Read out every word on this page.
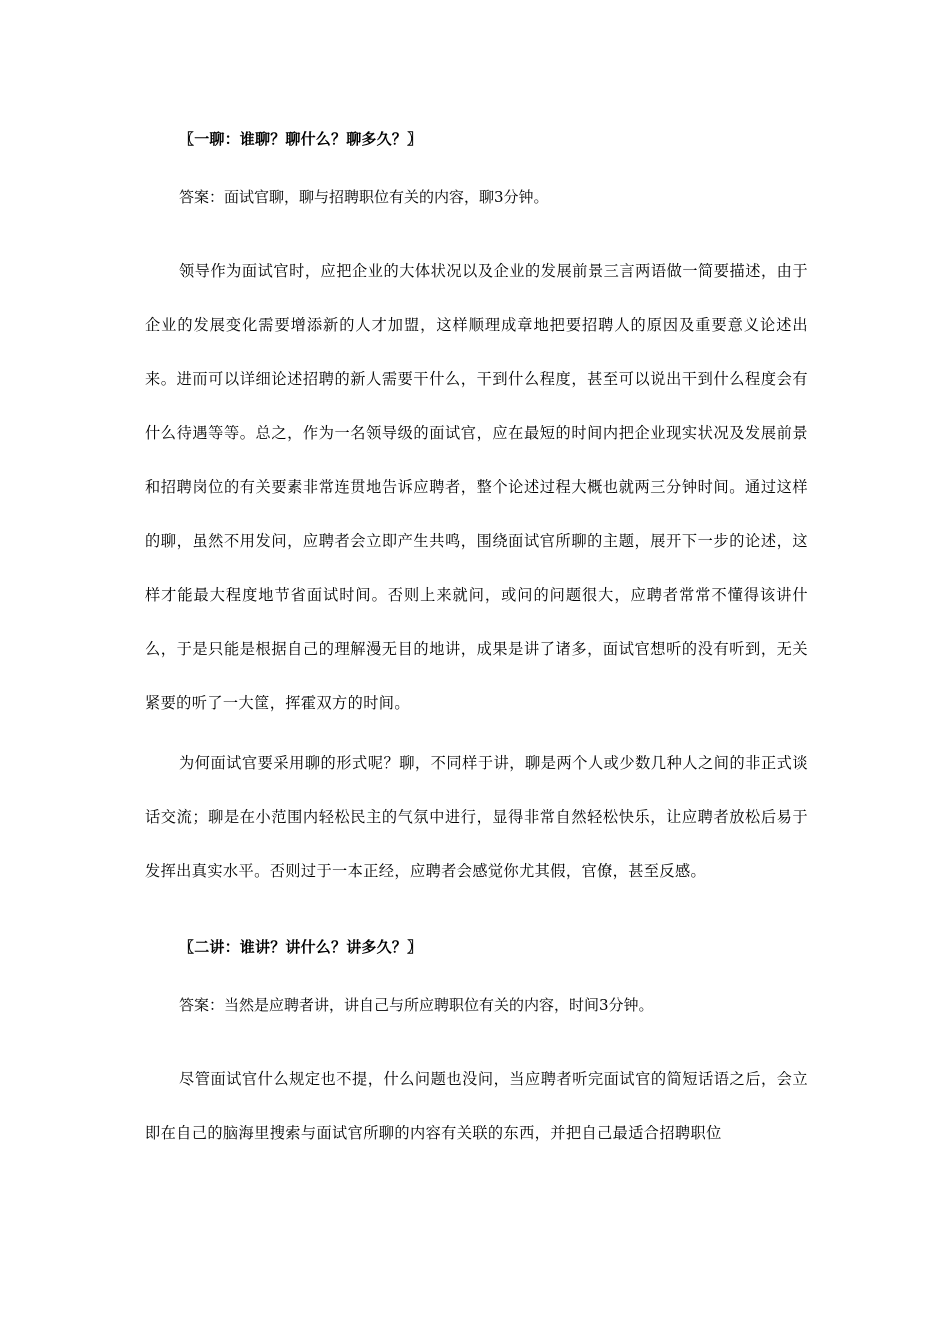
〖一聊：谁聊？聊什么？聊多久？〗
答案：面试官聊，聊与招聘职位有关的内容，聊3分钟。

领导作为面试官时，应把企业的大体状况以及企业的发展前景三言两语做一简要描述，由于企业的发展变化需要增添新的人才加盟，这样顺理成章地把要招聘人的原因及重要意义论述出来。进而可以详细论述招聘的新人需要干什么，干到什么程度，甚至可以说出干到什么程度会有什么待遇等等。总之，作为一名领导级的面试官，应在最短的时间内把企业现实状况及发展前景和招聘岗位的有关要素非常连贯地告诉应聘者，整个论述过程大概也就两三分钟时间。通过这样的聊，虽然不用发问，应聘者会立即产生共鸣，围绕面试官所聊的主题，展开下一步的论述，这样才能最大程度地节省面试时间。否则上来就问，或问的问题很大，应聘者常常不懂得该讲什么，于是只能是根据自己的理解漫无目的地讲，成果是讲了诸多，面试官想听的没有听到，无关紧要的听了一大筐，挥霍双方的时间。

为何面试官要采用聊的形式呢？聊，不同样于讲，聊是两个人或少数几种人之间的非正式谈话交流；聊是在小范围内轻松民主的气氛中进行，显得非常自然轻松快乐，让应聘者放松后易于发挥出真实水平。否则过于一本正经，应聘者会感觉你尤其假，官僚，甚至反感。

〖二讲：谁讲？讲什么？讲多久？〗
答案：当然是应聘者讲，讲自己与所应聘职位有关的内容，时间3分钟。

尽管面试官什么规定也不提，什么问题也没问，当应聘者听完面试官的简短话语之后，会立即在自己的脑海里搜索与面试官所聊的内容有关联的东西，并把自己最适合招聘职位
